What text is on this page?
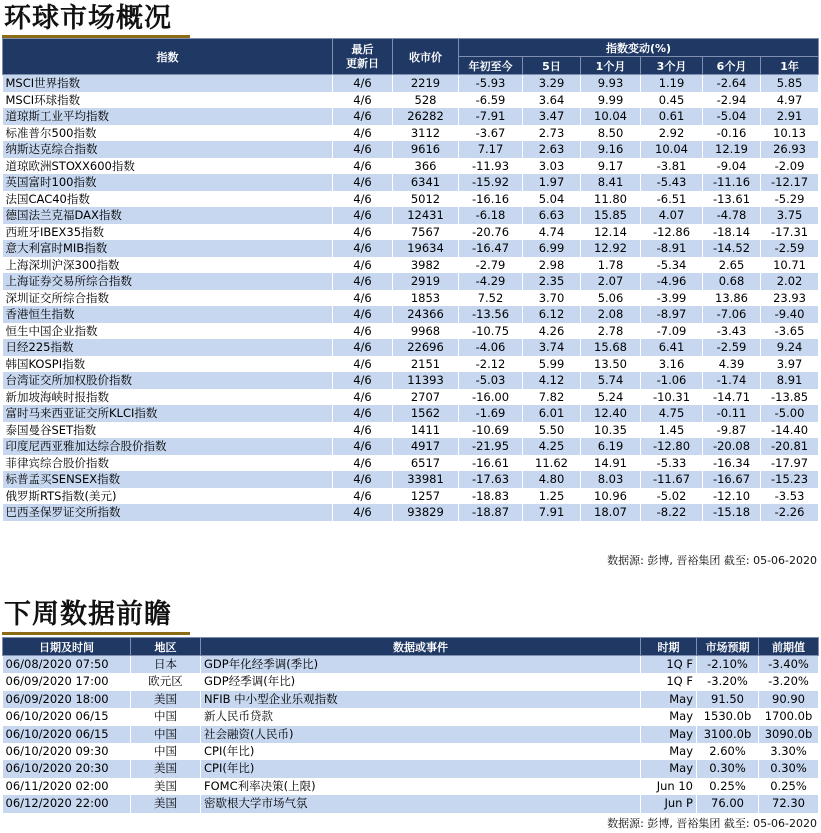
环球市场概况
指数	最后
更新日	收市价	指数变动(%)					
			年初至今	5日	1个月	3个月	6个月	1年
MSCI世界指数	4/6	2219	-5.93	3.29	9.93	1.19	-2.64	5.85
MSCI环球指数	4/6	528	-6.59	3.64	9.99	0.45	-2.94	4.97
道琼斯工业平均指数	4/6	26282	-7.91	3.47	10.04	0.61	-5.04	2.91
标准普尔500指数	4/6	3112	-3.67	2.73	8.50	2.92	-0.16	10.13
纳斯达克综合指数	4/6	9616	7.17	2.63	9.16	10.04	12.19	26.93
道琼欧洲STOXX600指数	4/6	366	-11.93	3.03	9.17	-3.81	-9.04	-2.09
英国富时100指数	4/6	6341	-15.92	1.97	8.41	-5.43	-11.16	-12.17
法国CAC40指数	4/6	5012	-16.16	5.04	11.80	-6.51	-13.61	-5.29
德国法兰克福DAX指数	4/6	12431	-6.18	6.63	15.85	4.07	-4.78	3.75
西班牙IBEX35指数	4/6	7567	-20.76	4.74	12.14	-12.86	-18.14	-17.31
意大利富时MIB指数	4/6	19634	-16.47	6.99	12.92	-8.91	-14.52	-2.59
上海深圳沪深300指数	4/6	3982	-2.79	2.98	1.78	-5.34	2.65	10.71
上海证券交易所综合指数	4/6	2919	-4.29	2.35	2.07	-4.96	0.68	2.02
深圳证交所综合指数	4/6	1853	7.52	3.70	5.06	-3.99	13.86	23.93
香港恒生指数	4/6	24366	-13.56	6.12	2.08	-8.97	-7.06	-9.40
恒生中国企业指数	4/6	9968	-10.75	4.26	2.78	-7.09	-3.43	-3.65
日经225指数	4/6	22696	-4.06	3.74	15.68	6.41	-2.59	9.24
韩国KOSPI指数	4/6	2151	-2.12	5.99	13.50	3.16	4.39	3.97
台湾证交所加权股价指数	4/6	11393	-5.03	4.12	5.74	-1.06	-1.74	8.91
新加坡海峡时报指数	4/6	2707	-16.00	7.82	5.24	-10.31	-14.71	-13.85
富时马来西亚证交所KLCI指数	4/6	1562	-1.69	6.01	12.40	4.75	-0.11	-5.00
泰国曼谷SET指数	4/6	1411	-10.69	5.50	10.35	1.45	-9.87	-14.40
印度尼西亚雅加达综合股价指数	4/6	4917	-21.95	4.25	6.19	-12.80	-20.08	-20.81
菲律宾综合股价指数	4/6	6517	-16.61	11.62	14.91	-5.33	-16.34	-17.97
标普孟买SENSEX指数	4/6	33981	-17.63	4.80	8.03	-11.67	-16.67	-15.23
俄罗斯RTS指数(美元)	4/6	1257	-18.83	1.25	10.96	-5.02	-12.10	-3.53
巴西圣保罗证交所指数	4/6	93829	-18.87	7.91	18.07	-8.22	-15.18	-2.26
数据源: 彭博, 晋裕集团 截至: 05-06-2020
下周数据前瞻
日期及时间	地区	数据或事件	时期	市场预期	前期值
06/08/2020 07:50	日本	GDP年化经季调(季比)	1Q F	-2.10%	-3.40%
06/09/2020 17:00	欧元区	GDP经季调(年比)	1Q F	-3.20%	-3.20%
06/09/2020 18:00	美国	NFIB 中小型企业乐观指数	May	91.50	90.90
06/10/2020 06/15	中国	新人民币贷款	May	1530.0b	1700.0b
06/10/2020 06/15	中国	社会融资(人民币)	May	3100.0b	3090.0b
06/10/2020 09:30	中国	CPI(年比)	May	2.60%	3.30%
06/10/2020 20:30	美国	CPI(年比)	May	0.30%	0.30%
06/11/2020 02:00	美国	FOMC利率决策(上限)	Jun 10	0.25%	0.25%
06/12/2020 22:00	美国	密歇根大学市场气氛	Jun P	76.00	72.30
数据源: 彭博, 晋裕集团 截至: 05-06-2020
